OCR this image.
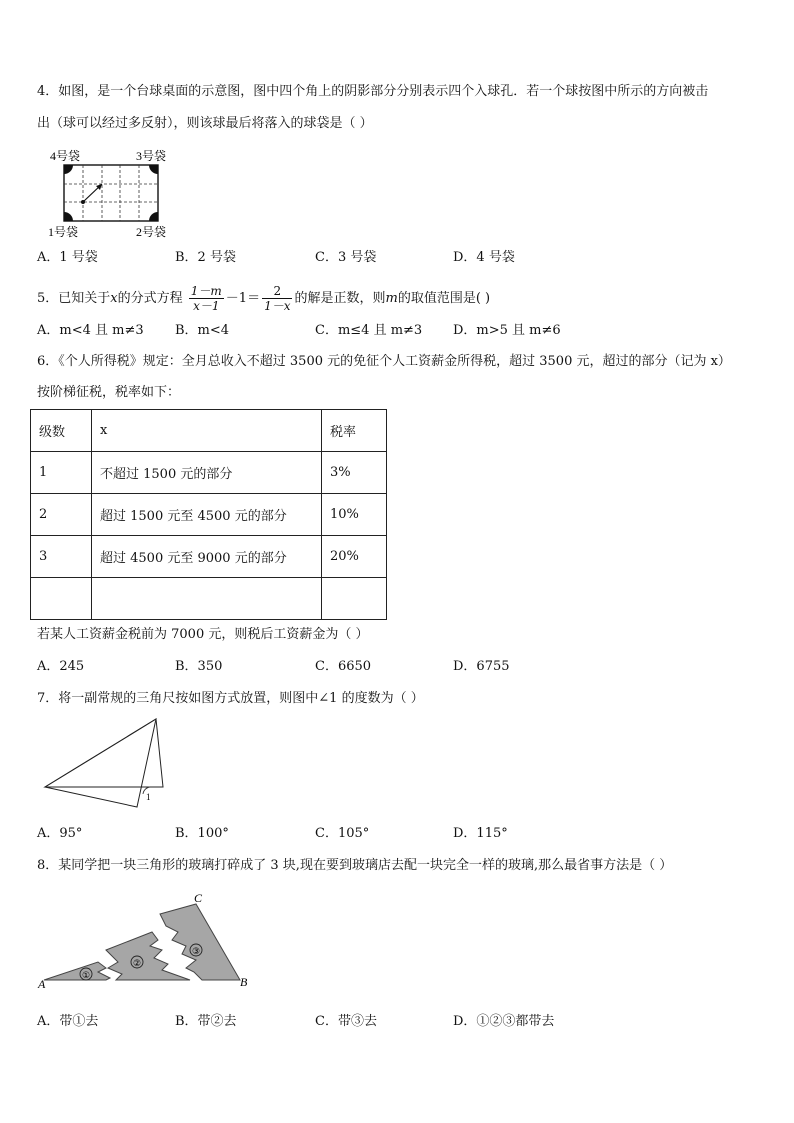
4．如图，是一个台球桌面的示意图，图中四个角上的阴影部分分别表示四个入球孔．若一个球按图中所示的方向被击
出（球可以经过多反射），则该球最后将落入的球袋是（ ）
4号袋	3号袋
1号袋	2号袋
A．1 号袋	B．2 号袋	C．3 号袋	D．4 号袋
5．已知关于x的分式方程 $\frac{1-m}{x-1} -1= \frac{2}{1-x}$ 的解是正数，则m的取值范围是( )
A．m<4 且 m≠3 B．m<4	C．m≤4 且 m≠3 D．m>5 且 m≠6
6．《个人所得税》规定：全月总收入不超过 3500 元的免征个人工资薪金所得税，超过 3500 元，超过的部分（记为 x）
按阶梯征税，税率如下：
级数	x	税率
1	不超过 1500 元的部分	3%
2	超过 1500 元至 4500 元的部分	10%
3	超过 4500 元至 9000 元的部分	20%

若某人工资薪金税前为 7000 元，则税后工资薪金为（ ）
A．245	B．350	C．6650	D．6755
7．将一副常规的三角尺按如图方式放置，则图中∠1 的度数为（ ）
1
A．95°	B．100°	C．105°	D．115°
8．某同学把一块三角形的玻璃打碎成了 3 块,现在要到玻璃店去配一块完全一样的玻璃,那么最省事方法是（ ）
①
②
③
A	B
C
A．带①去	B．带②去	C．带③去	D．①②③都带去
